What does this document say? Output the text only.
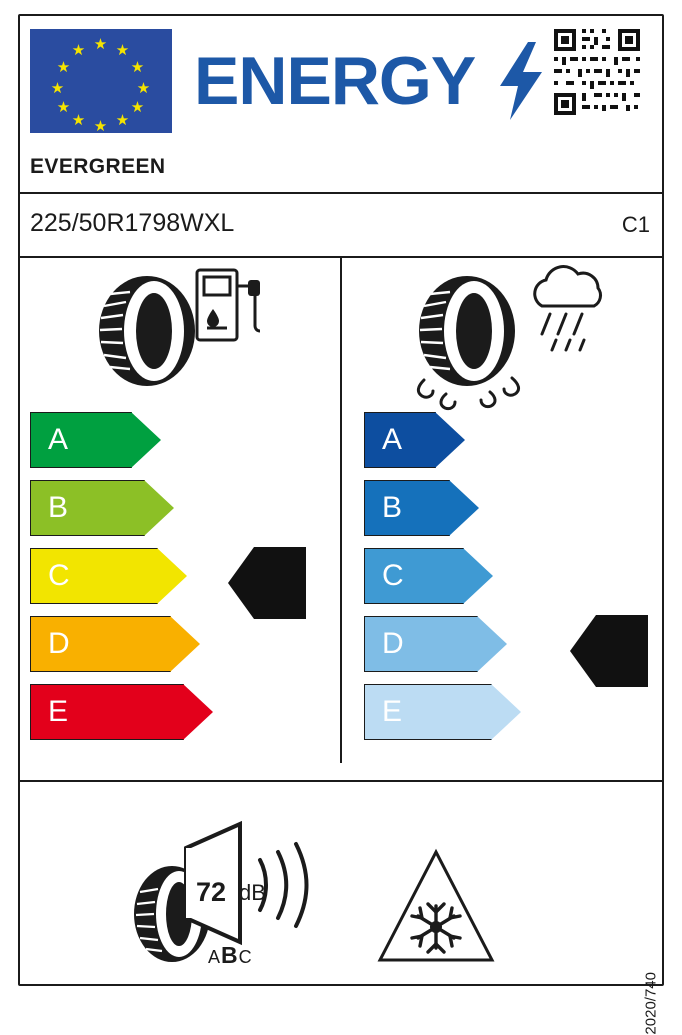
★
★ ★
★	★
★	★
★	★
★ ★
★
ENERGY
EVERGREEN
225/50R1798WXL	C1
A
B
C
D
E
C
A
B
C
D
E	D
72 dB
ABC
2020/740
